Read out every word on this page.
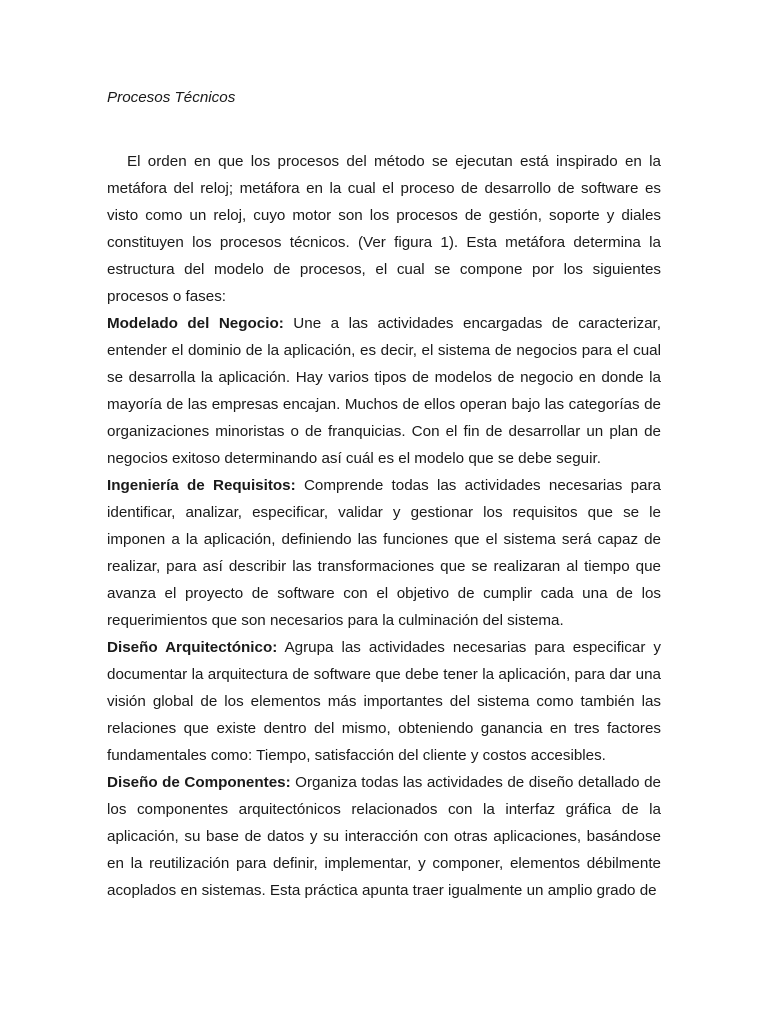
Procesos Técnicos

El orden en que los procesos del método se ejecutan está inspirado en la metáfora del reloj; metáfora en la cual el proceso de desarrollo de software es visto como un reloj, cuyo motor son los procesos de gestión, soporte y diales constituyen los procesos técnicos. (Ver figura 1). Esta metáfora determina la estructura del modelo de procesos, el cual se compone por los siguientes procesos o fases:

Modelado del Negocio: Une a las actividades encargadas de caracterizar, entender el dominio de la aplicación, es decir, el sistema de negocios para el cual se desarrolla la aplicación. Hay varios tipos de modelos de negocio en donde la mayoría de las empresas encajan. Muchos de ellos operan bajo las categorías de organizaciones minoristas o de franquicias. Con el fin de desarrollar un plan de negocios exitoso determinando así cuál es el modelo que se debe seguir.

Ingeniería de Requisitos: Comprende todas las actividades necesarias para identificar, analizar, especificar, validar y gestionar los requisitos que se le imponen a la aplicación, definiendo las funciones que el sistema será capaz de realizar, para así describir las transformaciones que se realizaran al tiempo que avanza el proyecto de software con el objetivo de cumplir cada una de los requerimientos que son necesarios para la culminación del sistema.

Diseño Arquitectónico: Agrupa las actividades necesarias para especificar y documentar la arquitectura de software que debe tener la aplicación, para dar una visión global de los elementos más importantes del sistema como también las relaciones que existe dentro del mismo, obteniendo ganancia en tres factores fundamentales como: Tiempo, satisfacción del cliente y costos accesibles.

Diseño de Componentes: Organiza todas las actividades de diseño detallado de los componentes arquitectónicos relacionados con la interfaz gráfica de la aplicación, su base de datos y su interacción con otras aplicaciones, basándose en la reutilización para definir, implementar, y componer, elementos débilmente acoplados en sistemas. Esta práctica apunta traer igualmente un amplio grado de
